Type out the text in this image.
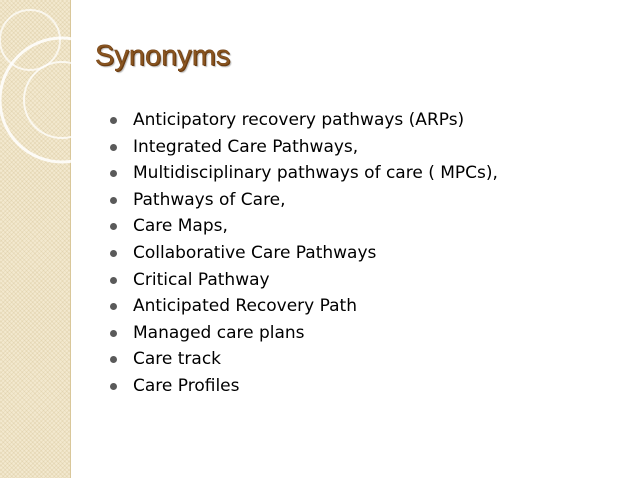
Synonyms
Anticipatory recovery pathways (ARPs)
Integrated Care Pathways,
Multidisciplinary pathways of care ( MPCs),
Pathways of Care,
Care Maps,
Collaborative Care Pathways
Critical Pathway
Anticipated Recovery Path
Managed care plans
Care track
Care Profiles
